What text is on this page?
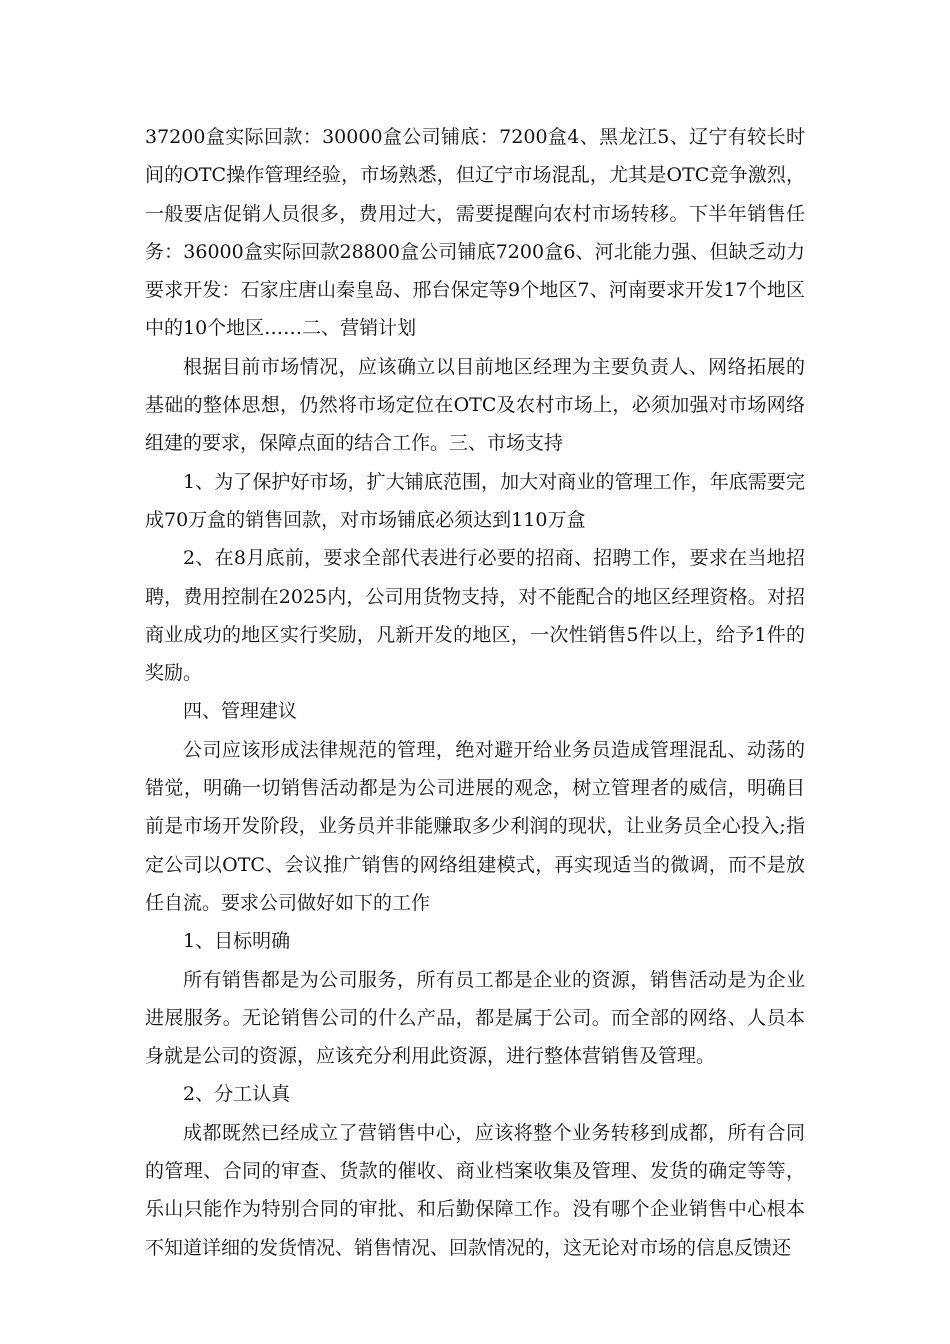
37200盒实际回款：30000盒公司铺底：7200盒4、黑龙江5、辽宁有较长时间的OTC操作管理经验，市场熟悉，但辽宁市场混乱，尤其是OTC竞争激烈，一般要店促销人员很多，费用过大，需要提醒向农村市场转移。下半年销售任务：36000盒实际回款28800盒公司铺底7200盒6、河北能力强、但缺乏动力要求开发：石家庄唐山秦皇岛、邢台保定等9个地区7、河南要求开发17个地区中的10个地区……二、营销计划

根据目前市场情况，应该确立以目前地区经理为主要负责人、网络拓展的基础的整体思想，仍然将市场定位在OTC及农村市场上，必须加强对市场网络组建的要求，保障点面的结合工作。三、市场支持

1、为了保护好市场，扩大铺底范围，加大对商业的管理工作，年底需要完成70万盒的销售回款，对市场铺底必须达到110万盒

2、在8月底前，要求全部代表进行必要的招商、招聘工作，要求在当地招聘，费用控制在2025内，公司用货物支持，对不能配合的地区经理资格。对招商业成功的地区实行奖励，凡新开发的地区，一次性销售5件以上，给予1件的奖励。

四、管理建议

公司应该形成法律规范的管理，绝对避开给业务员造成管理混乱、动荡的错觉，明确一切销售活动都是为公司进展的观念，树立管理者的威信，明确目前是市场开发阶段，业务员并非能赚取多少利润的现状，让业务员全心投入;指定公司以OTC、会议推广销售的网络组建模式，再实现适当的微调，而不是放任自流。要求公司做好如下的工作

1、目标明确

所有销售都是为公司服务，所有员工都是企业的资源，销售活动是为企业进展服务。无论销售公司的什么产品，都是属于公司。而全部的网络、人员本身就是公司的资源，应该充分利用此资源，进行整体营销售及管理。

2、分工认真

成都既然已经成立了营销售中心，应该将整个业务转移到成都，所有合同的管理、合同的审查、货款的催收、商业档案收集及管理、发货的确定等等，乐山只能作为特别合同的审批、和后勤保障工作。没有哪个企业销售中心根本不知道详细的发货情况、销售情况、回款情况的，这无论对市场的信息反馈还
